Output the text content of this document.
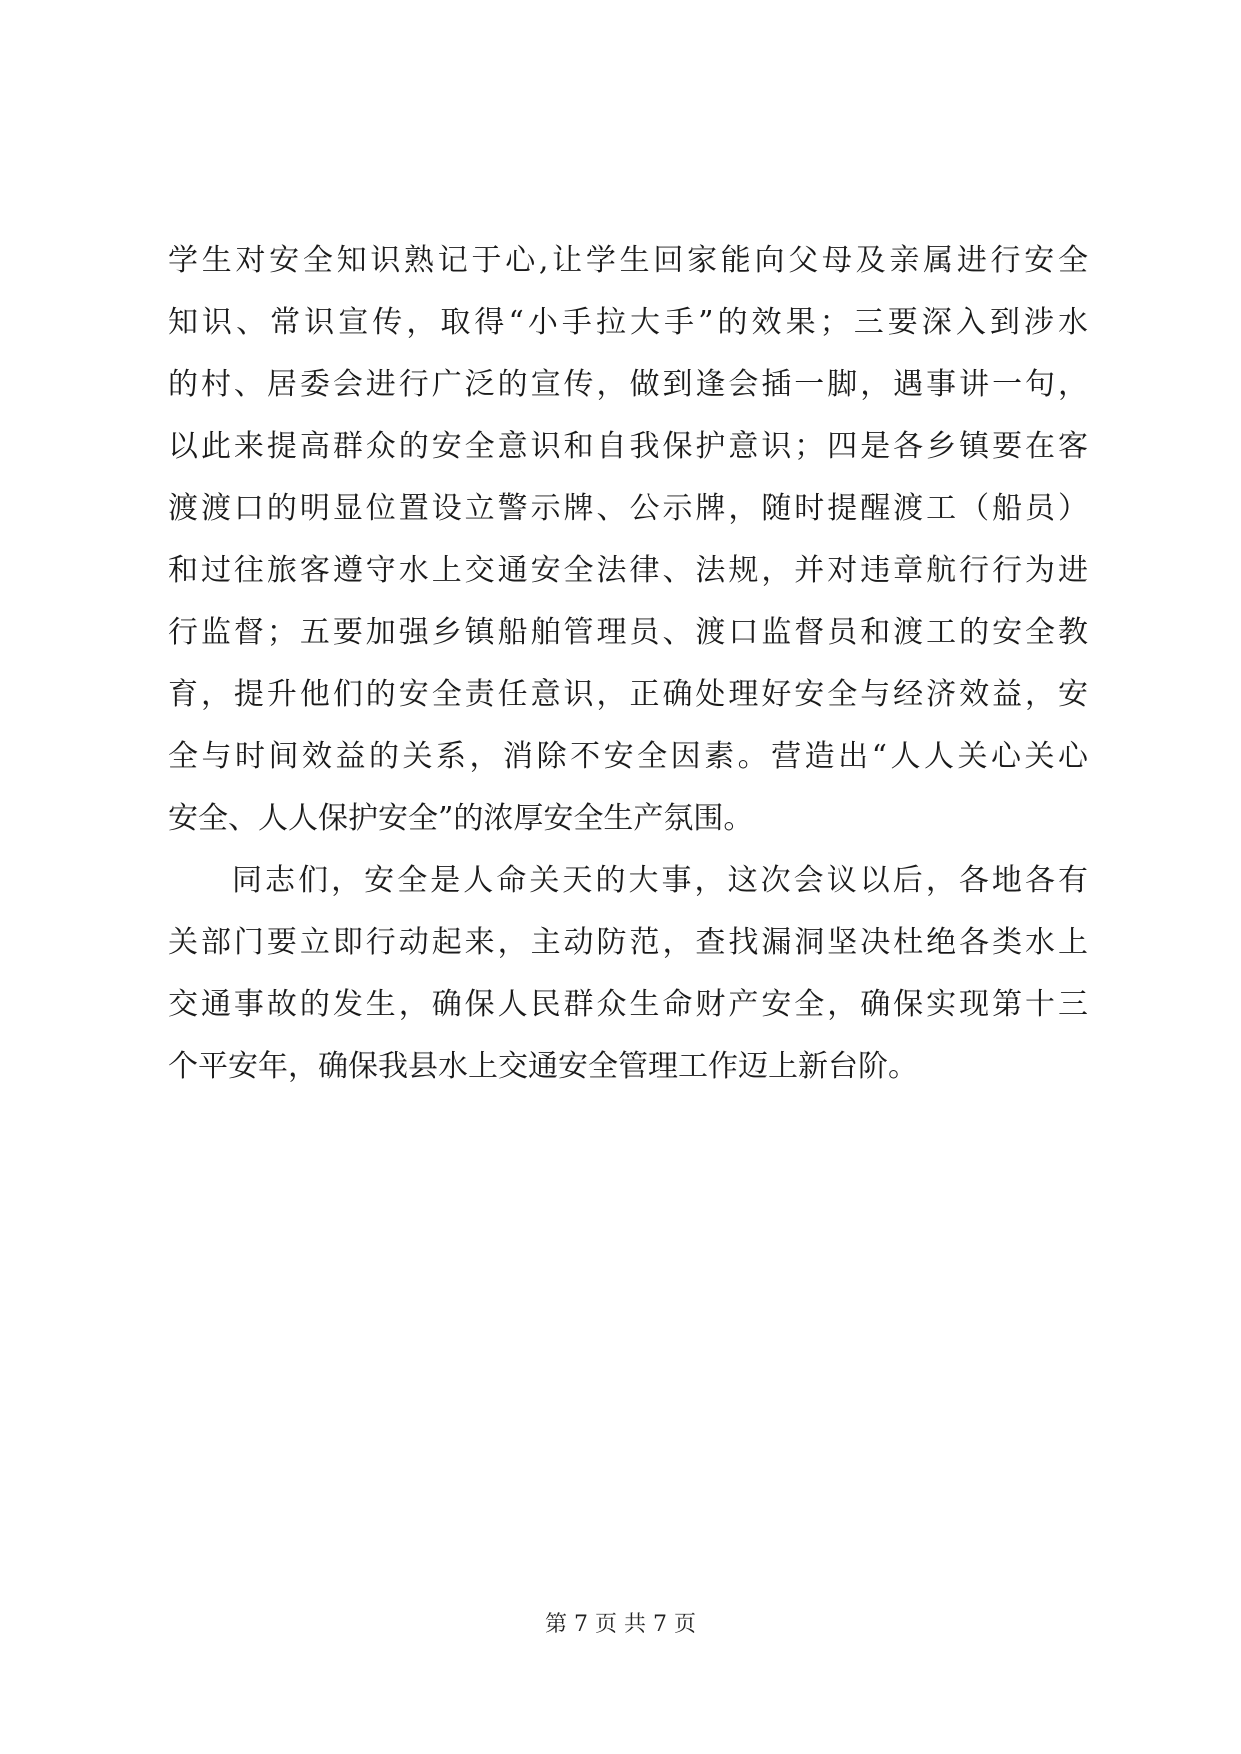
学生对安全知识熟记于心,让学生回家能向父母及亲属进行安全
知识、常识宣传，取得“小手拉大手”的效果；三要深入到涉水
的村、居委会进行广泛的宣传，做到逢会插一脚，遇事讲一句，
以此来提高群众的安全意识和自我保护意识；四是各乡镇要在客
渡渡口的明显位置设立警示牌、公示牌，随时提醒渡工（船员）
和过往旅客遵守水上交通安全法律、法规，并对违章航行行为进
行监督；五要加强乡镇船舶管理员、渡口监督员和渡工的安全教
育，提升他们的安全责任意识，正确处理好安全与经济效益，安
全与时间效益的关系，消除不安全因素。营造出“人人关心关心
安全、人人保护安全”的浓厚安全生产氛围。
同志们，安全是人命关天的大事，这次会议以后，各地各有
关部门要立即行动起来，主动防范，查找漏洞坚决杜绝各类水上
交通事故的发生，确保人民群众生命财产安全，确保实现第十三
个平安年，确保我县水上交通安全管理工作迈上新台阶。
第 7 页 共 7 页
